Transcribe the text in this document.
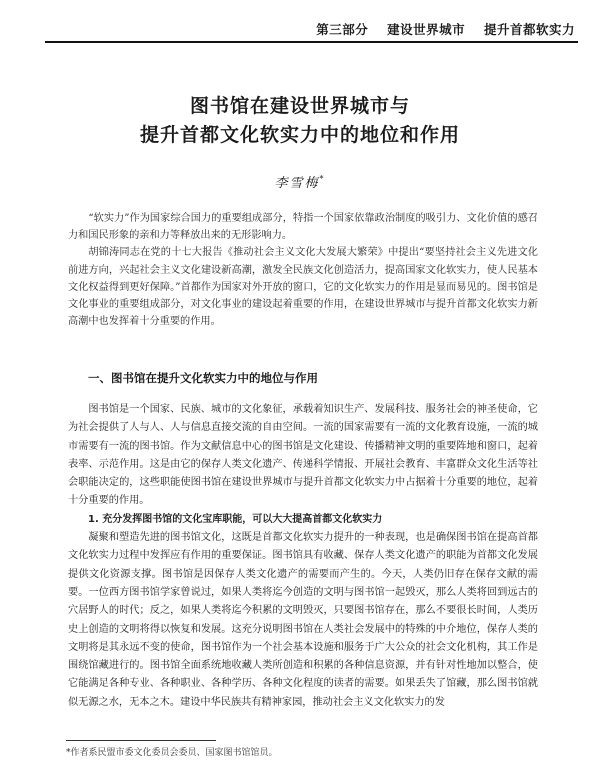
第三部分 建设世界城市 提升首都软实力
图书馆在建设世界城市与
提升首都文化软实力中的地位和作用
李雪梅*

“软实力”作为国家综合国力的重要组成部分，特指一个国家依靠政治制度的吸引力、文化价值的感召力和国民形象的亲和力等释放出来的无形影响力。

胡锦涛同志在党的十七大报告《推动社会主义文化大发展大繁荣》中提出“要坚持社会主义先进文化前进方向，兴起社会主义文化建设新高潮，激发全民族文化创造活力，提高国家文化软实力，使人民基本文化权益得到更好保障。”首都作为国家对外开放的窗口，它的文化软实力的作用是显而易见的。图书馆是文化事业的重要组成部分，对文化事业的建设起着重要的作用，在建设世界城市与提升首都文化软实力新高潮中也发挥着十分重要的作用。

一、图书馆在提升文化软实力中的地位与作用

图书馆是一个国家、民族、城市的文化象征，承载着知识生产、发展科技、服务社会的神圣使命，它为社会提供了人与人、人与信息直接交流的自由空间。一流的国家需要有一流的文化教育设施，一流的城市需要有一流的图书馆。作为文献信息中心的图书馆是文化建设、传播精神文明的重要阵地和窗口，起着表率、示范作用。这是由它的保存人类文化遗产、传递科学情报、开展社会教育、丰富群众文化生活等社会职能决定的，这些职能使图书馆在建设世界城市与提升首都文化软实力中占据着十分重要的地位，起着十分重要的作用。

1. 充分发挥图书馆的文化宝库职能，可以大大提高首都文化软实力

凝聚和塑造先进的图书馆文化，这既是首都文化软实力提升的一种表现，也是确保图书馆在提高首都文化软实力过程中发挥应有作用的重要保证。图书馆具有收藏、保存人类文化遗产的职能为首都文化发展提供文化资源支撑。图书馆是因保存人类文化遗产的需要而产生的。今天，人类仍旧存在保存文献的需要。一位西方图书馆学家曾说过，如果人类将迄今创造的文明与图书馆一起毁灭，那么人类将回到远古的穴居野人的时代；反之，如果人类将迄今积累的文明毁灭，只要图书馆存在，那么不要很长时间，人类历史上创造的文明将得以恢复和发展。这充分说明图书馆在人类社会发展中的特殊的中介地位，保存人类的文明将是其永远不变的使命，图书馆作为一个社会基本设施和服务于广大公众的社会文化机构，其工作是围绕馆藏进行的。图书馆全面系统地收藏人类所创造和积累的各种信息资源，并有针对性地加以整合，使它能满足各种专业、各种职业、各种学历、各种文化程度的读者的需要。如果丢失了馆藏，那么图书馆就似无源之水，无本之木。建设中华民族共有精神家园，推动社会主义文化软实力的发

*作者系民盟市委文化委员会委员、国家图书馆馆员。
